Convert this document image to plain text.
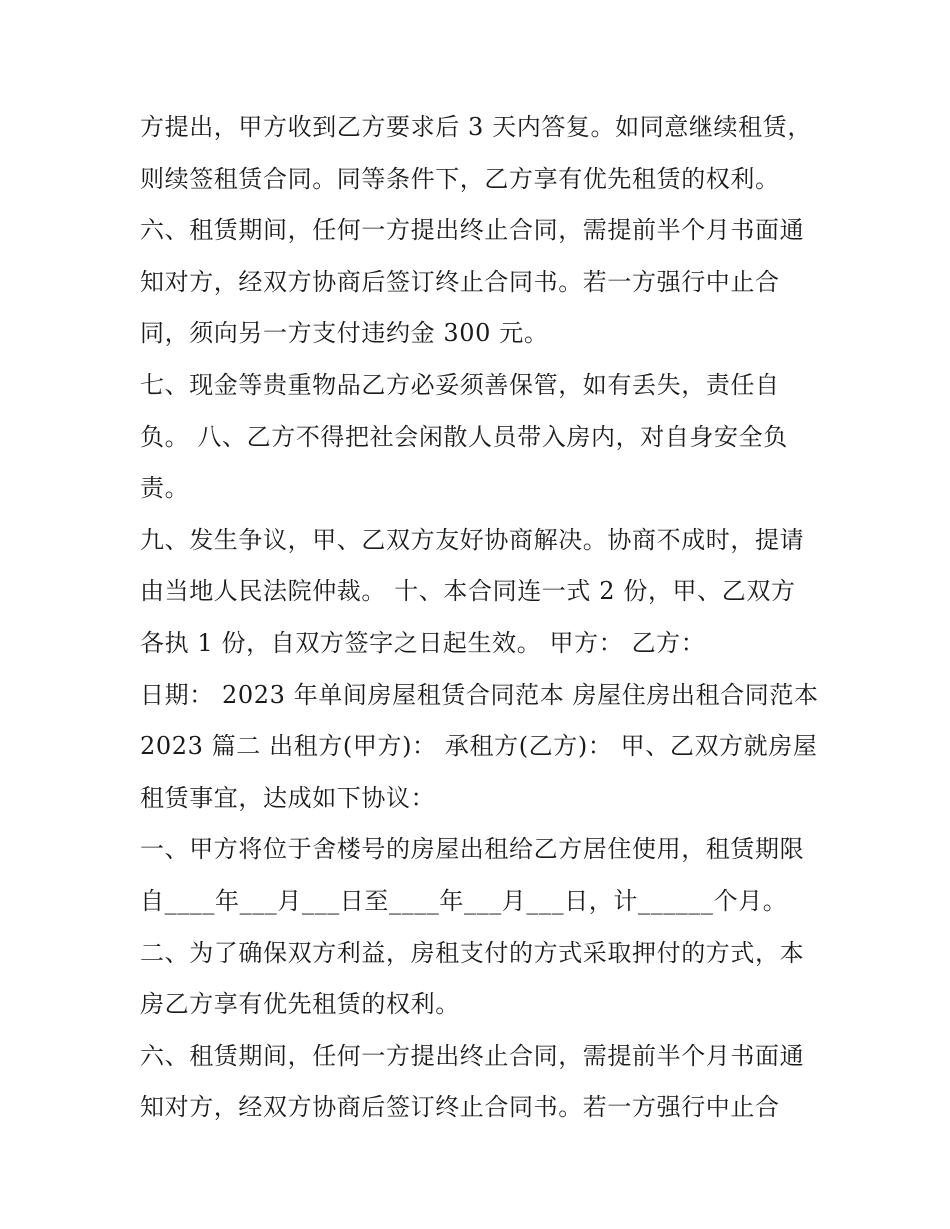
方提出，甲方收到乙方要求后 3 天内答复。如同意继续租赁，
则续签租赁合同。同等条件下，乙方享有优先租赁的权利。
六、租赁期间，任何一方提出终止合同，需提前半个月书面通
知对方，经双方协商后签订终止合同书。若一方强行中止合
同，须向另一方支付违约金 300 元。
七、现金等贵重物品乙方必妥须善保管，如有丢失，责任自
负。 八、乙方不得把社会闲散人员带入房内，对自身安全负
责。
九、发生争议，甲、乙双方友好协商解决。协商不成时，提请
由当地人民法院仲裁。 十、本合同连一式 2 份，甲、乙双方
各执 1 份，自双方签字之日起生效。 甲方： 乙方：
日期： 2023 年单间房屋租赁合同范本 房屋住房出租合同范本
2023 篇二 出租方(甲方)： 承租方(乙方)： 甲、乙双方就房屋
租赁事宜，达成如下协议：
一、甲方将位于舍楼号的房屋出租给乙方居住使用，租赁期限
自____年___月___日至____年___月___日，计______个月。
二、为了确保双方利益，房租支付的方式采取押付的方式，本
房乙方享有优先租赁的权利。
六、租赁期间，任何一方提出终止合同，需提前半个月书面通
知对方，经双方协商后签订终止合同书。若一方强行中止合
